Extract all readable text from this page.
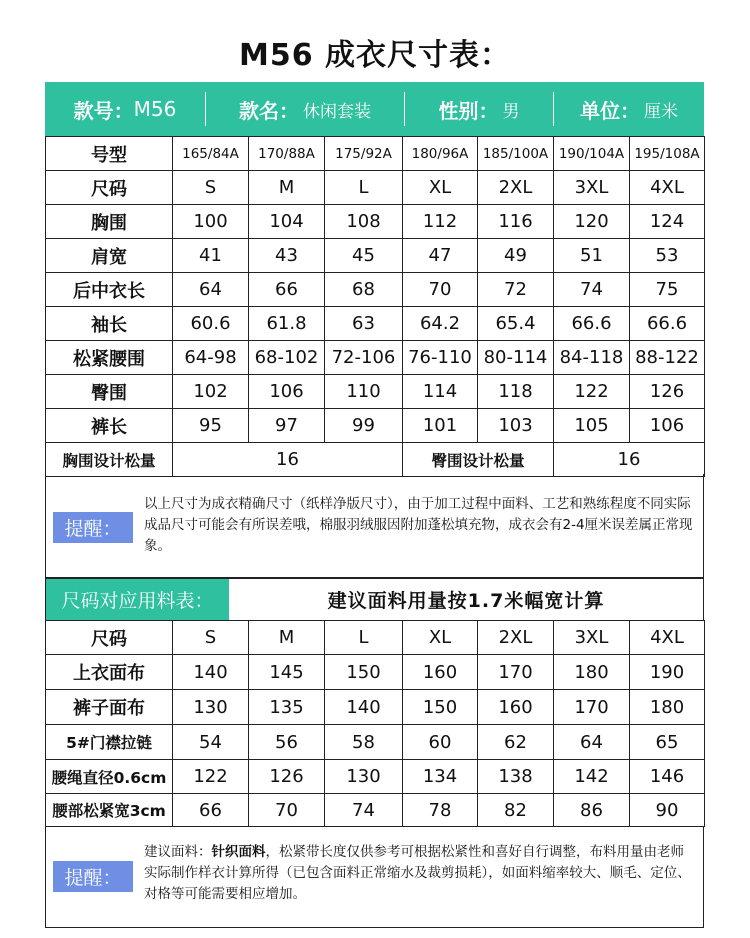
M56 成衣尺寸表：
款号： M56	款名： 休闲套装	性别： 男	单位： 厘米
号型	165/84A	170/88A	175/92A	180/96A	185/100A	190/104A	195/108A
尺码	S	M	L	XL	2XL	3XL	4XL
胸围	100	104	108	112	116	120	124
肩宽	41	43	45	47	49	51	53
后中衣长	64	66	68	70	72	74	75
袖长	60.6	61.8	63	64.2	65.4	66.6	66.6
松紧腰围	64-98	68-102	72-106	76-110	80-114	84-118	88-122
臀围	102	106	110	114	118	122	126
裤长	95	97	99	101	103	105	106
胸围设计松量	16			臀围设计松量		16	
提醒：
以上尺寸为成衣精确尺寸（纸样净版尺寸），由于加工过程中面料、工艺和熟练程度不同实际成品尺寸可能会有所误差哦，棉服羽绒服因附加蓬松填充物，成衣会有2-4厘米误差属正常现象。
尺码对应用料表：	建议面料用量按1.7米幅宽计算
尺码	S	M	L	XL	2XL	3XL	4XL
上衣面布	140	145	150	160	170	180	190
裤子面布	130	135	140	150	160	170	180
5#门襟拉链	54	56	58	60	62	64	65
腰绳直径0.6cm	122	126	130	134	138	142	146
腰部松紧宽3cm	66	70	74	78	82	86	90
提醒：
建议面料：针织面料，松紧带长度仅供参考可根据松紧性和喜好自行调整，布料用量由老师实际制作样衣计算所得（已包含面料正常缩水及裁剪损耗），如面料缩率较大、顺毛、定位、对格等可能需要相应增加。
